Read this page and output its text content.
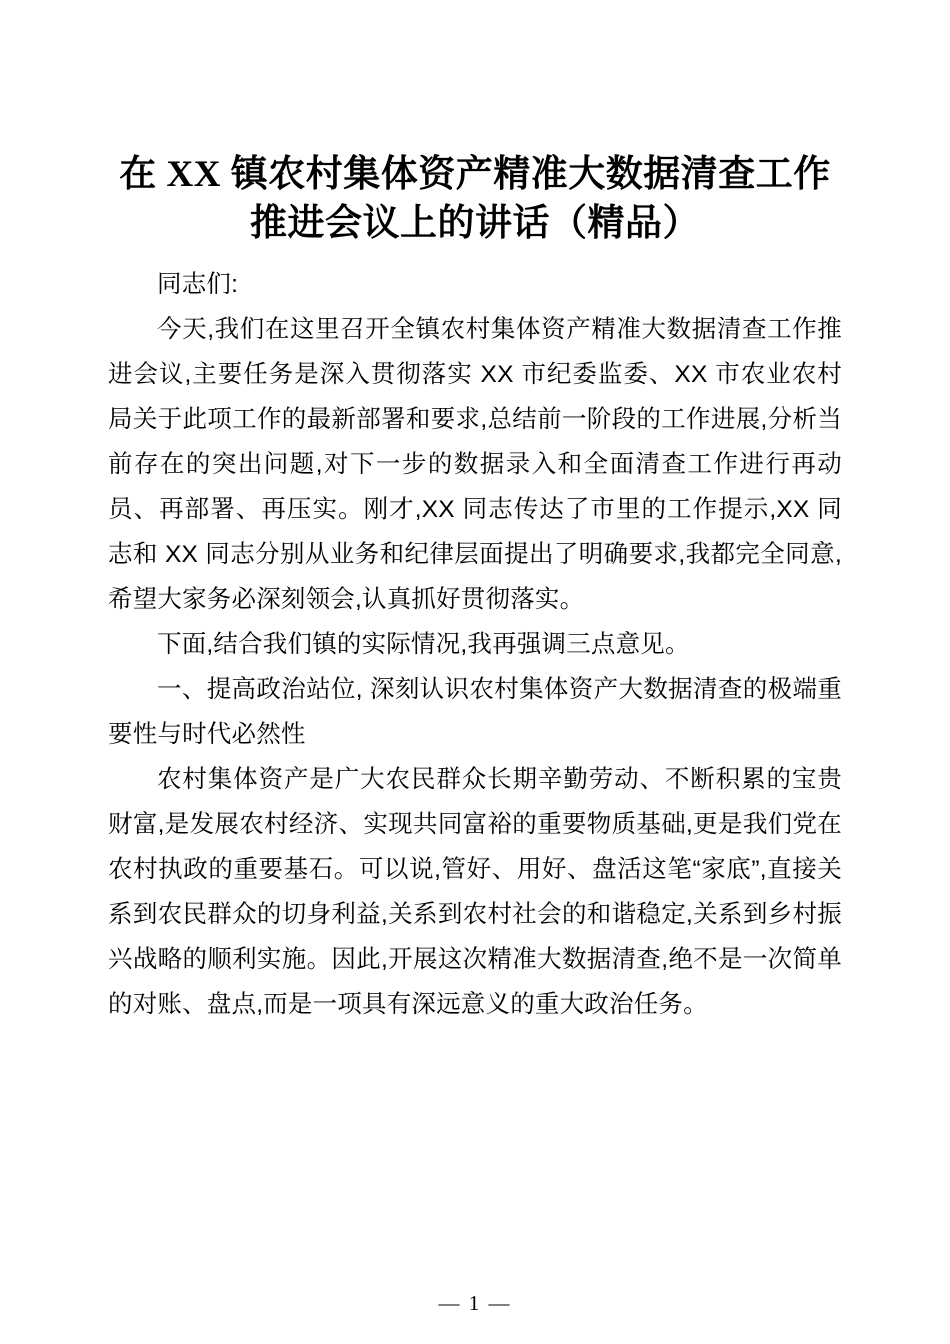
在 XX 镇农村集体资产精准大数据清查工作推进会议上的讲话（精品）

同志们:

今天,我们在这里召开全镇农村集体资产精准大数据清查工作推进会议,主要任务是深入贯彻落实 XX 市纪委监委、XX 市农业农村局关于此项工作的最新部署和要求,总结前一阶段的工作进展,分析当前存在的突出问题,对下一步的数据录入和全面清查工作进行再动员、再部署、再压实。刚才,XX 同志传达了市里的工作提示,XX 同志和 XX 同志分别从业务和纪律层面提出了明确要求,我都完全同意,希望大家务必深刻领会,认真抓好贯彻落实。

下面,结合我们镇的实际情况,我再强调三点意见。

一、提高政治站位, 深刻认识农村集体资产大数据清查的极端重要性与时代必然性

农村集体资产是广大农民群众长期辛勤劳动、不断积累的宝贵财富,是发展农村经济、实现共同富裕的重要物质基础,更是我们党在农村执政的重要基石。可以说,管好、用好、盘活这笔“家底”,直接关系到农民群众的切身利益,关系到农村社会的和谐稳定,关系到乡村振兴战略的顺利实施。因此,开展这次精准大数据清查,绝不是一次简单的对账、盘点,而是一项具有深远意义的重大政治任务。

— 1 —
